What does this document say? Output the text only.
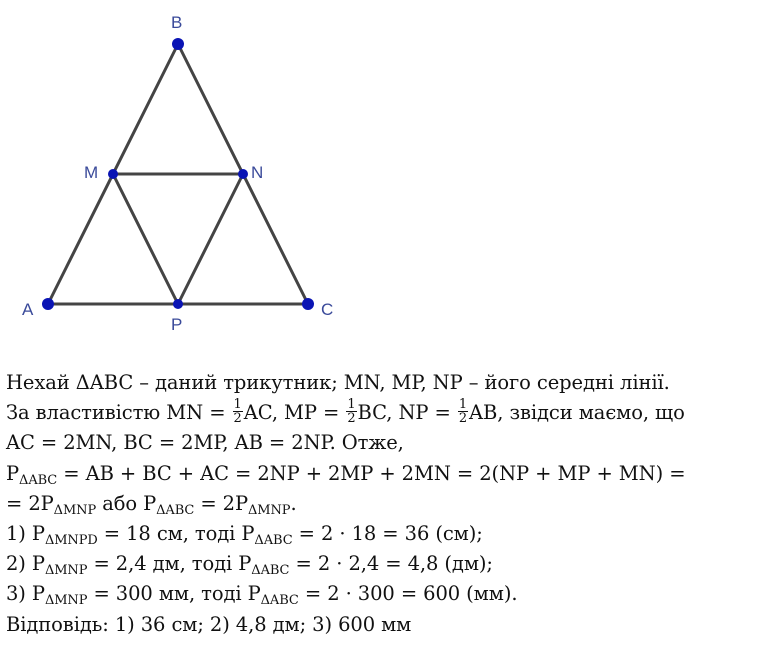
B
M	N
A
P
C
Нехай ΔABC – даний трикутник; MN, MP, NP – його середні лінії.
За властивістю MN = $\frac{1}{2}$ AC, MP = $\frac{1}{2}$ BC, NP = $\frac{1}{2}$ AB, звідси маємо, що
AC = 2MN, BC = 2MP, AB = 2NP. Отже,
$P_{\Delta ABC}$ = AB + BC + AC = 2NP + 2MP + 2MN = 2(NP + MP + MN) =
= $2P_{\Delta MNP}$ або $P_{\Delta ABC} = 2P_{\Delta MNP}$.
1) $P_{\Delta MNPD} = 18$ см, тоді $P_{\Delta ABC} = 2 \cdot 18 = 36$ (см);
2) $P_{\Delta MNP} = 2,4$ дм, тоді $P_{\Delta ABC} = 2 \cdot 2,4 = 4,8$ (дм);
3) $P_{\Delta MNP} = 300$ мм, тоді $P_{\Delta ABC} = 2 \cdot 300 = 600$ (мм).
Відповідь: 1) 36 см; 2) 4,8 дм; 3) 600 мм
